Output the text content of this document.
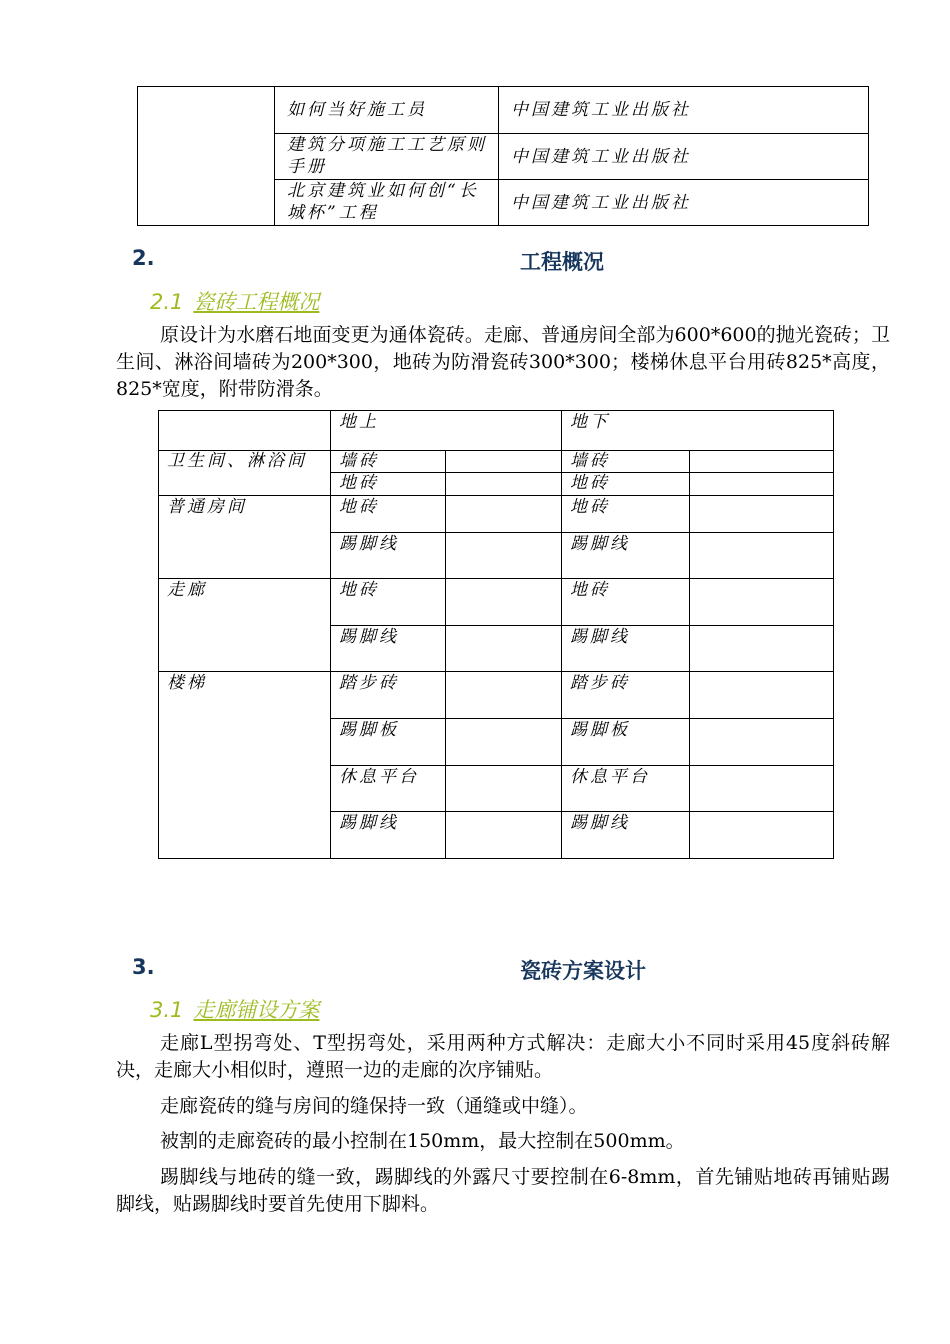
	如何当好施工员	中国建筑工业出版社
	建筑分项施工工艺原则手册	中国建筑工业出版社
	北京建筑业如何创“长城杯”工程	中国建筑工业出版社
2.	工程概况
2.1 瓷砖工程概况

原设计为水磨石地面变更为通体瓷砖。走廊、普通房间全部为600*600的抛光瓷砖；卫生间、淋浴间墙砖为200*300，地砖为防滑瓷砖300*300；楼梯休息平台用砖825*高度，825*宽度，附带防滑条。

	地上		地下	
卫生间、淋浴间	墙砖		墙砖	
	地砖		地砖	
普通房间	地砖		地砖	
	踢脚线		踢脚线	
走廊	地砖		地砖	
	踢脚线		踢脚线	
楼梯	踏步砖		踏步砖	
	踢脚板		踢脚板	
	休息平台		休息平台	
	踢脚线		踢脚线	
3.	瓷砖方案设计
3.1 走廊铺设方案

走廊L型拐弯处、T型拐弯处，采用两种方式解决：走廊大小不同时采用45度斜砖解决，走廊大小相似时，遵照一边的走廊的次序铺贴。

走廊瓷砖的缝与房间的缝保持一致（通缝或中缝）。

被割的走廊瓷砖的最小控制在150mm，最大控制在500mm。

踢脚线与地砖的缝一致，踢脚线的外露尺寸要控制在6-8mm，首先铺贴地砖再铺贴踢脚线，贴踢脚线时要首先使用下脚料。
